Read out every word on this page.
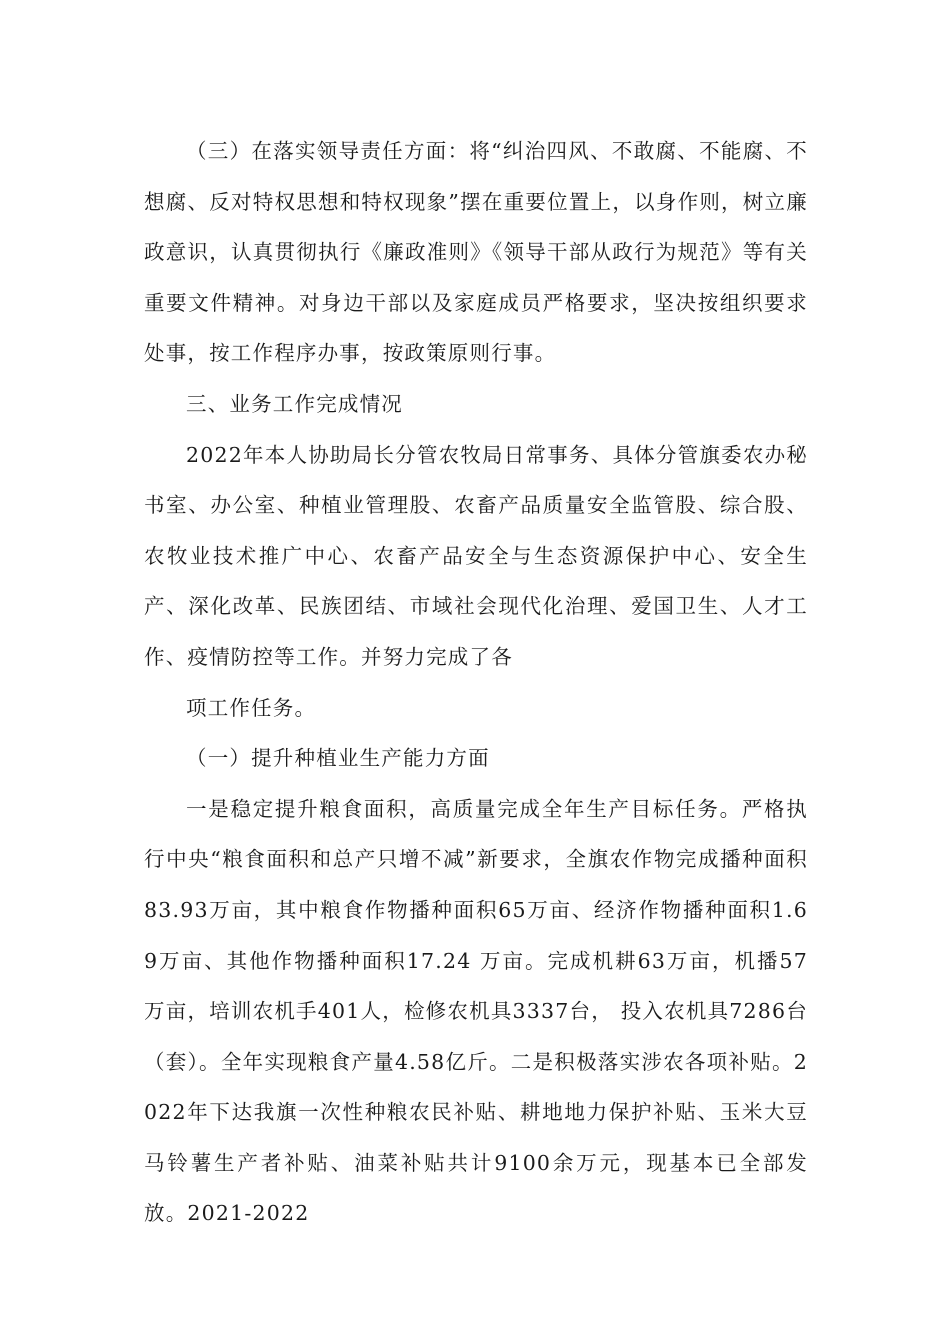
（三）在落实领导责任方面：将“纠治四风、不敢腐、不能腐、不想腐、反对特权思想和特权现象”摆在重要位置上，以身作则，树立廉政意识，认真贯彻执行《廉政准则》《领导干部从政行为规范》等有关重要文件精神。对身边干部以及家庭成员严格要求，坚决按组织要求处事，按工作程序办事，按政策原则行事。

三、业务工作完成情况

2022年本人协助局长分管农牧局日常事务、具体分管旗委农办秘书室、办公室、种植业管理股、农畜产品质量安全监管股、综合股、农牧业技术推广中心、农畜产品安全与生态资源保护中心、安全生产、深化改革、民族团结、市域社会现代化治理、爱国卫生、人才工作、疫情防控等工作。并努力完成了各

项工作任务。

（一）提升种植业生产能力方面

一是稳定提升粮食面积，高质量完成全年生产目标任务。严格执行中央“粮食面积和总产只增不减”新要求，全旗农作物完成播种面积83.93万亩，其中粮食作物播种面积65万亩、经济作物播种面积1.69万亩、其他作物播种面积17.24 万亩。完成机耕63万亩，机播57万亩，培训农机手401人，检修农机具3337台， 投入农机具7286台（套）。全年实现粮食产量4.58亿斤。二是积极落实涉农各项补贴。2022年下达我旗一次性种粮农民补贴、耕地地力保护补贴、玉米大豆马铃薯生产者补贴、油菜补贴共计9100余万元，现基本已全部发放。2021-2022
